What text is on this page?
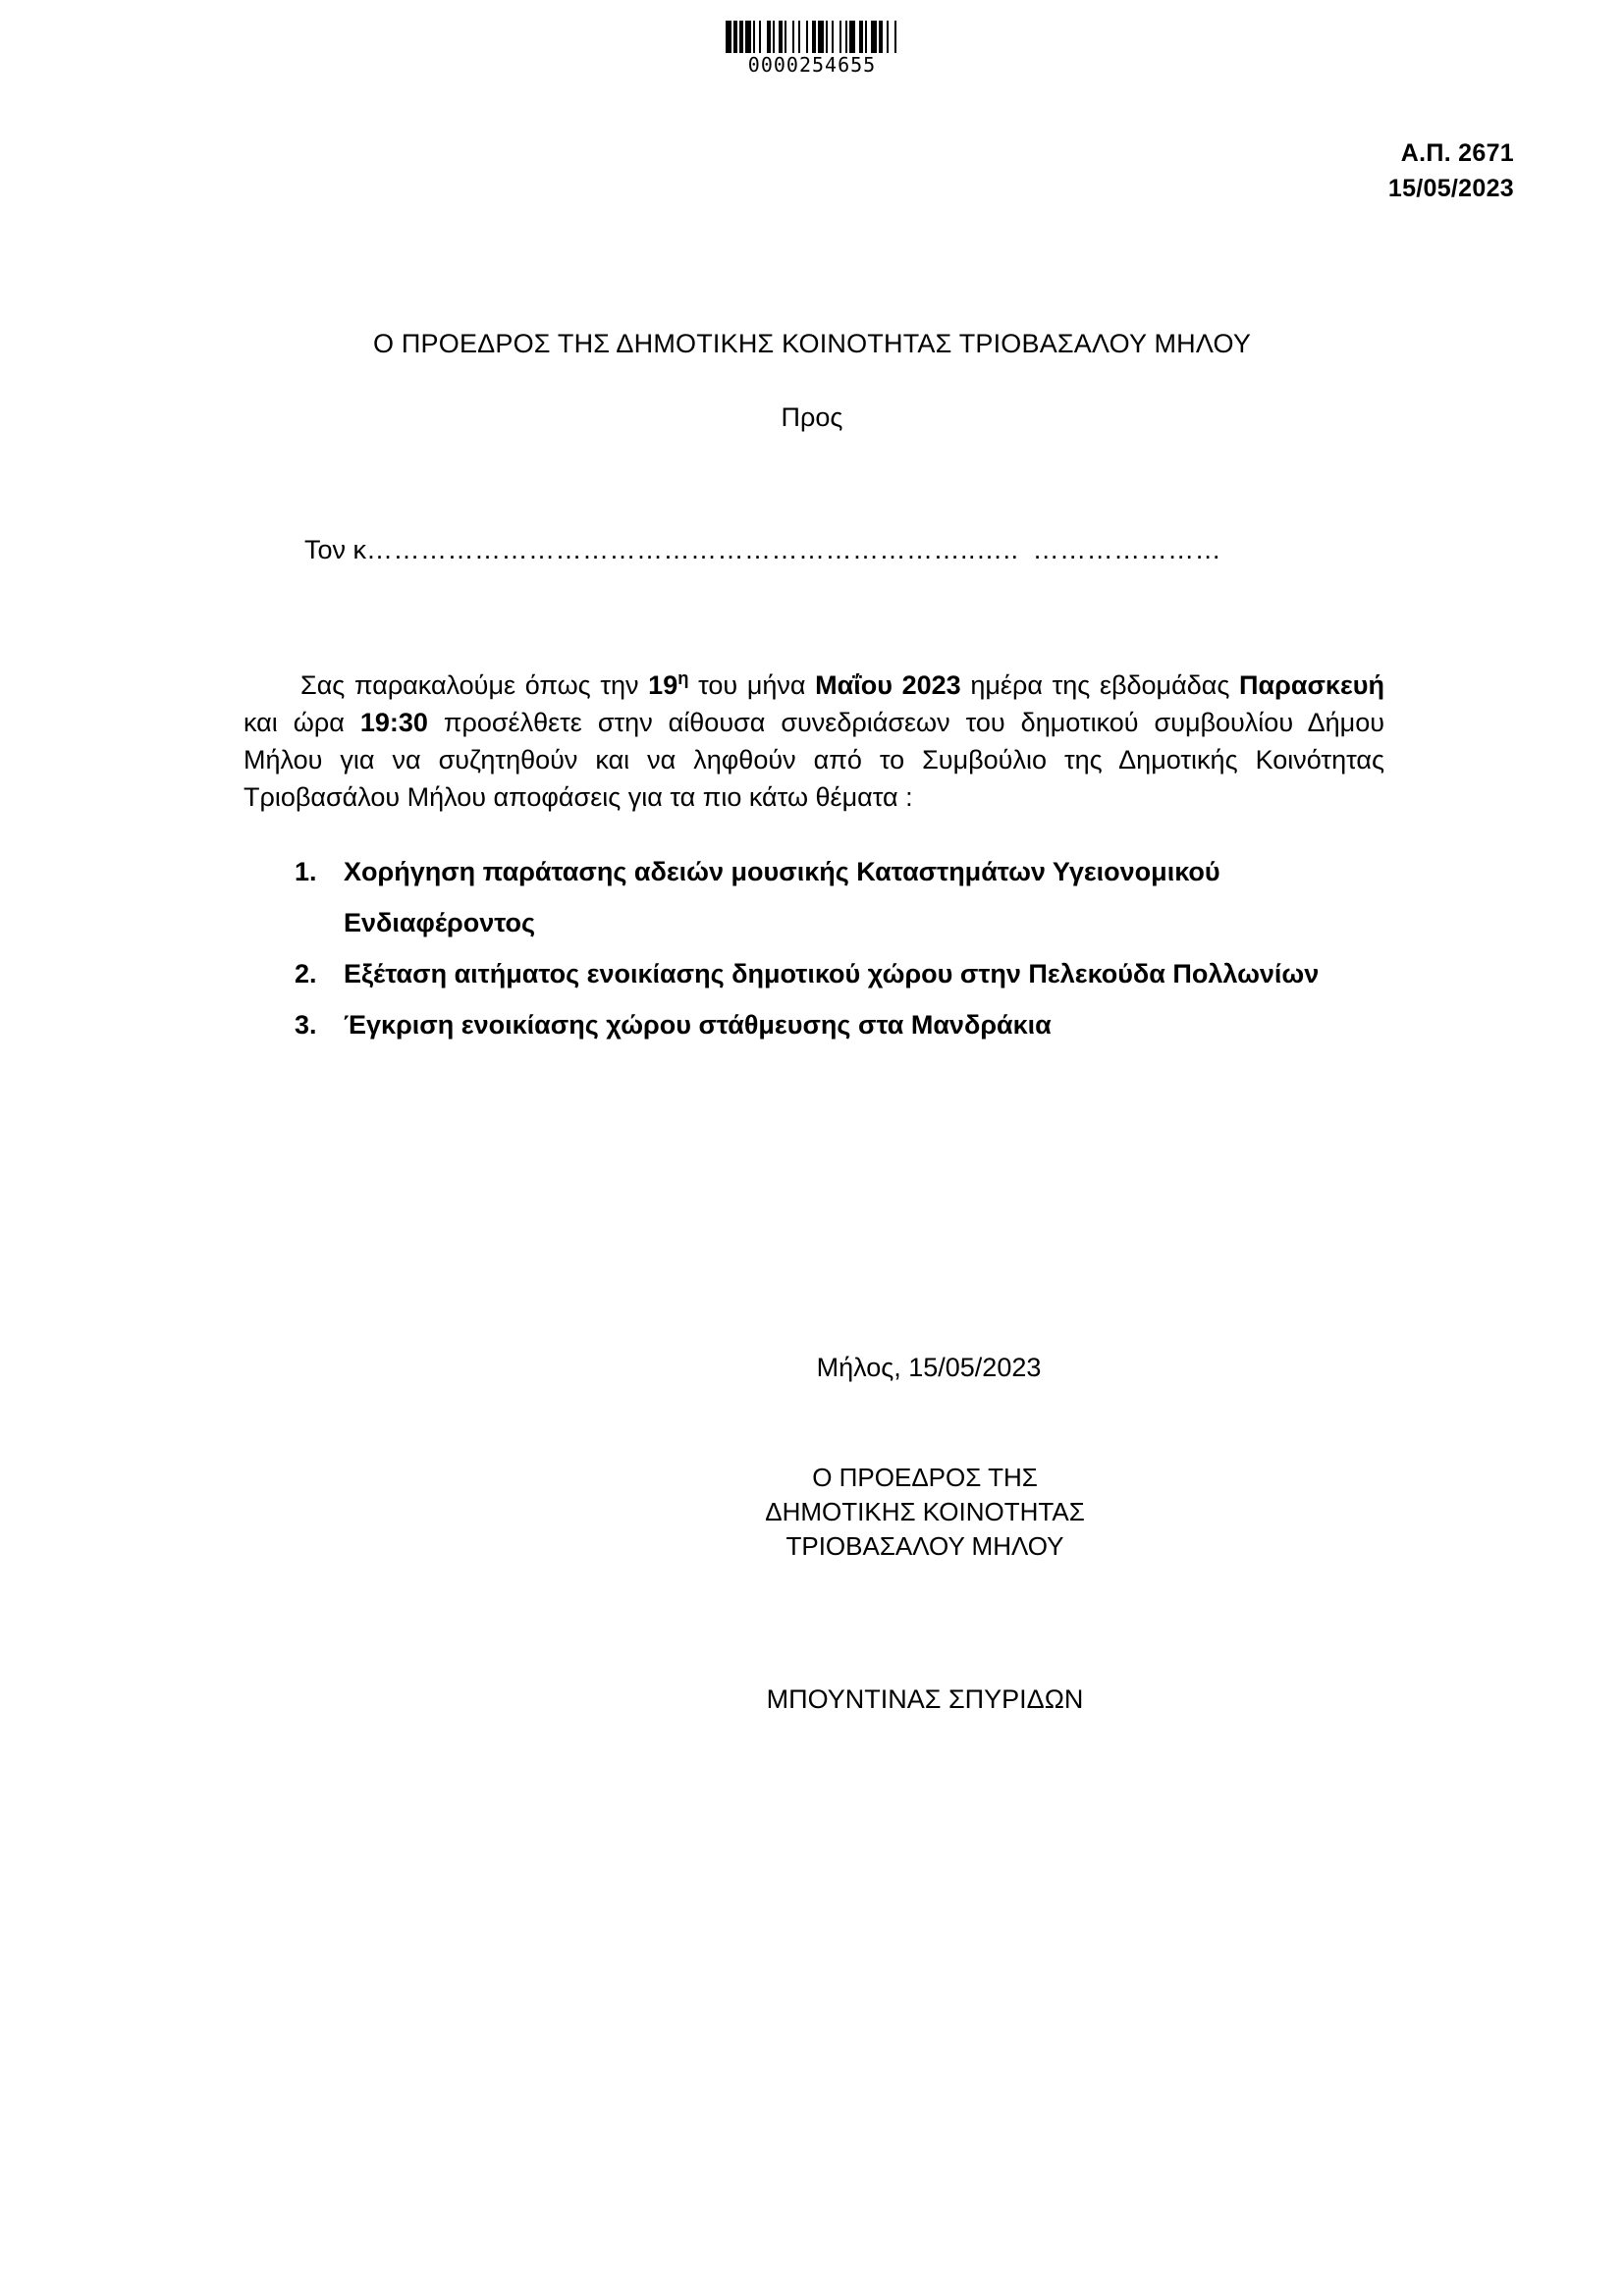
0000254655
Α.Π. 2671
15/05/2023
Ο ΠΡΟΕΔΡΟΣ ΤΗΣ ΔΗΜΟΤΙΚΗΣ ΚΟΙΝΟΤΗΤΑΣ ΤΡΙΟΒΑΣΑΛΟΥ ΜΗΛΟΥ
Προς
Τον κ…………………………………………………………..….. …………………

Σας παρακαλούμε όπως την $19^\eta$ του μήνα Μαΐου 2023 ημέρα της εβδομάδας Παρασκευή και ώρα 19:30 προσέλθετε στην αίθουσα συνεδριάσεων του δημοτικού συμβουλίου Δήμου Μήλου για να συζητηθούν και να ληφθούν από το Συμβούλιο της Δημοτικής Κοινότητας Τριοβασάλου Μήλου αποφάσεις για τα πιο κάτω θέματα :

1.	Χορήγηση παράτασης αδειών μουσικής Καταστημάτων Υγειονομικού Ενδιαφέροντος
2.	Εξέταση αιτήματος ενοικίασης δημοτικού χώρου στην Πελεκούδα Πολλωνίων
3.	Έγκριση ενοικίασης χώρου στάθμευσης στα Μανδράκια
Μήλος, 15/05/2023
Ο ΠΡΟΕΔΡΟΣ ΤΗΣ
ΔΗΜΟΤΙΚΗΣ ΚΟΙΝΟΤΗΤΑΣ
ΤΡΙΟΒΑΣΑΛΟΥ ΜΗΛΟΥ
ΜΠΟΥΝΤΙΝΑΣ ΣΠΥΡΙΔΩΝ
